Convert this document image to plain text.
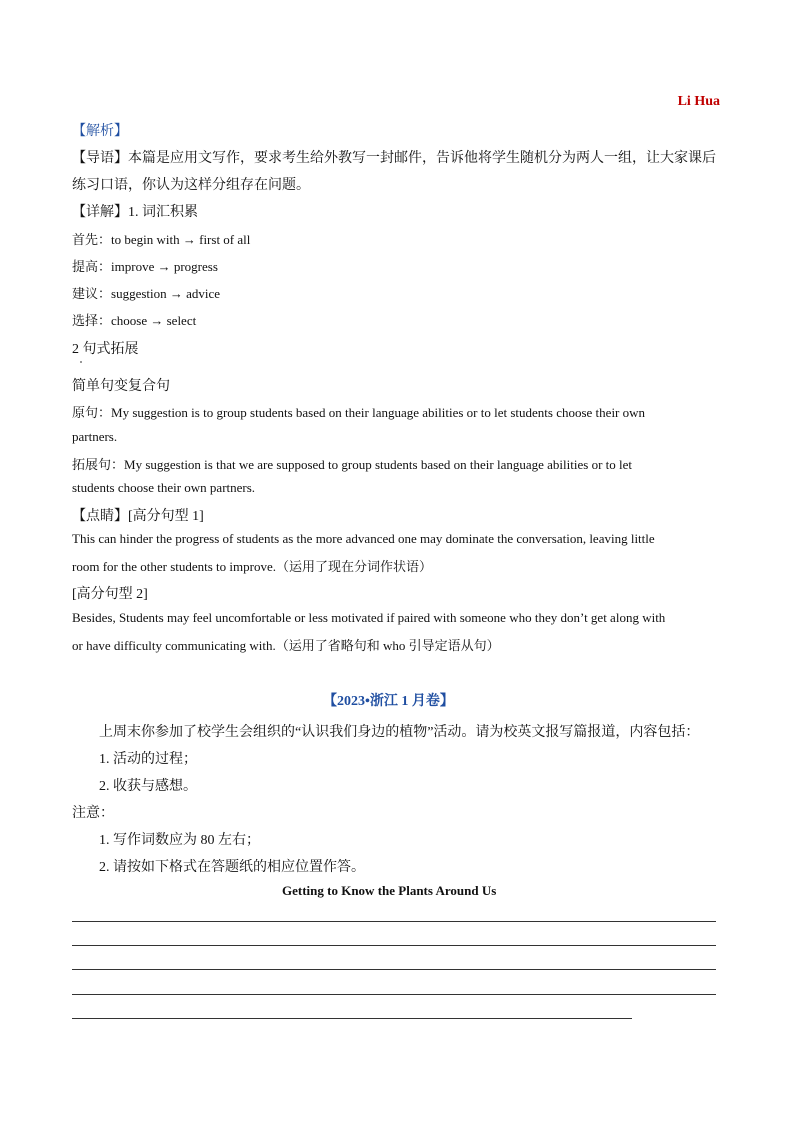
Li Hua
【解析】
【导语】本篇是应用文写作，要求考生给外教写一封邮件，告诉他将学生随机分为两人一组，让大家课后
练习口语，你认为这样分组存在问题。
【详解】1. 词汇积累
首先：to begin with → first of all
提高：improve → progress
建议：suggestion → advice
选择：choose → select
2 句式拓展
简单句变复合句
原句：My suggestion is to group students based on their language abilities or to let students choose their own
partners.
拓展句：My suggestion is that we are supposed to group students based on their language abilities or to let
students choose their own partners.
【点睛】[高分句型 1]
This can hinder the progress of students as the more advanced one may dominate the conversation, leaving little
room for the other students to improve.（运用了现在分词作状语）
[高分句型 2]
Besides, Students may feel uncomfortable or less motivated if paired with someone who they don’t get along with
or have difficulty communicating with.（运用了省略句和 who 引导定语从句）
【2023•浙江 1 月卷】
上周末你参加了校学生会组织的“认识我们身边的植物”活动。请为校英文报写篇报道，内容包括：
1. 活动的过程；
2. 收获与感想。
注意：
1. 写作词数应为 80 左右；
2. 请按如下格式在答题纸的相应位置作答。
Getting to Know the Plants Around Us
